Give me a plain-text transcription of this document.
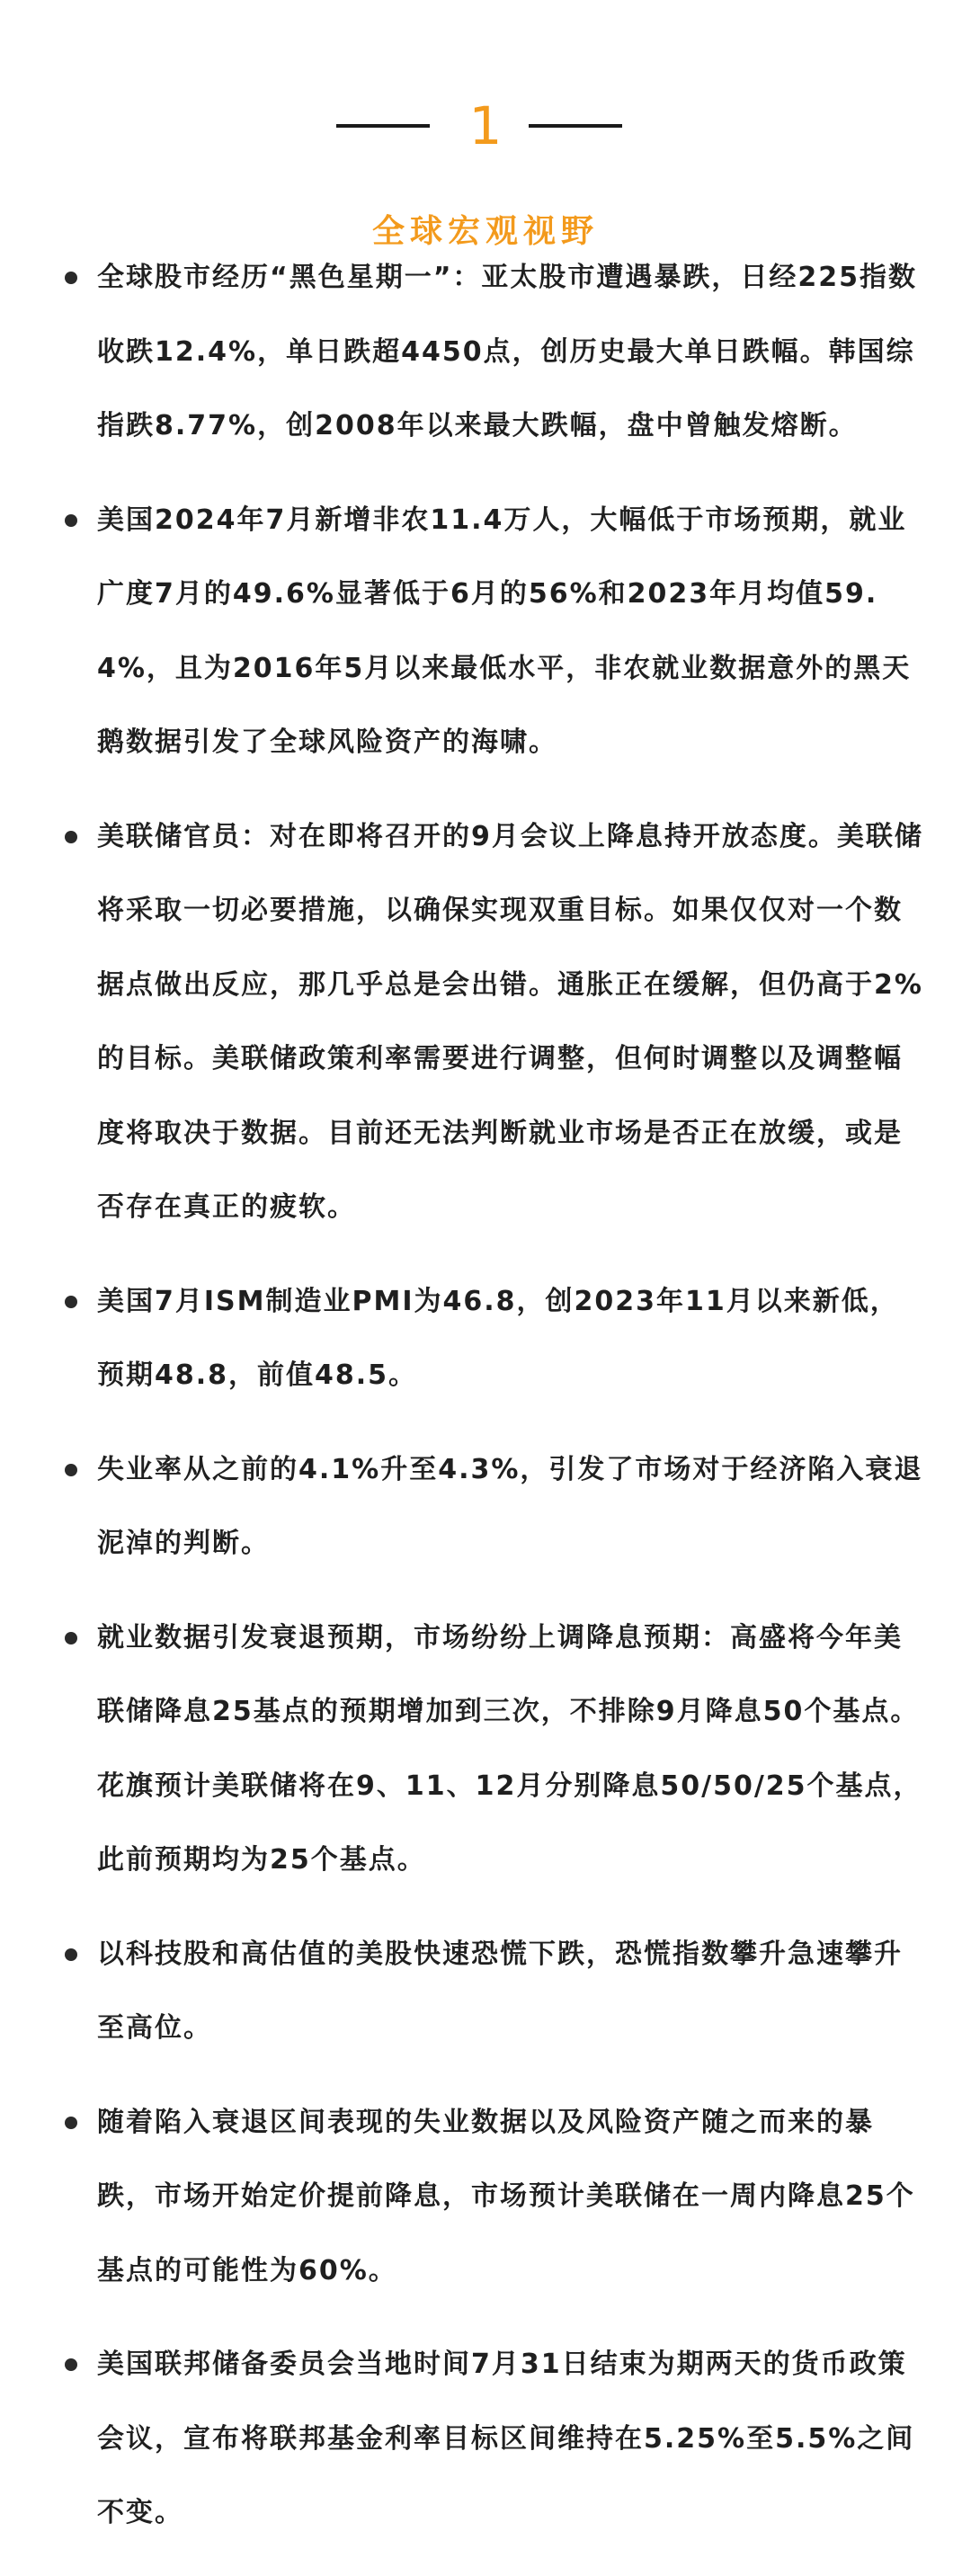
1
全球宏观视野
全球股市经历“黑色星期一”：亚太股市遭遇暴跌，日经225指数收跌12.4%，单日跌超4450点，创历史最大单日跌幅。韩国综指跌8.77%，创2008年以来最大跌幅，盘中曾触发熔断。
美国2024年7月新增非农11.4万人，大幅低于市场预期，就业广度7月的49.6%显著低于6月的56%和2023年月均值59.4%，且为2016年5月以来最低水平，非农就业数据意外的黑天鹅数据引发了全球风险资产的海啸。
美联储官员：对在即将召开的9月会议上降息持开放态度。美联储将采取一切必要措施，以确保实现双重目标。如果仅仅对一个数据点做出反应，那几乎总是会出错。通胀正在缓解，但仍高于2%的目标。美联储政策利率需要进行调整，但何时调整以及调整幅度将取决于数据。目前还无法判断就业市场是否正在放缓，或是否存在真正的疲软。
美国7月ISM制造业PMI为46.8，创2023年11月以来新低，预期48.8，前值48.5。
失业率从之前的4.1%升至4.3%，引发了市场对于经济陷入衰退泥淖的判断。
就业数据引发衰退预期，市场纷纷上调降息预期：高盛将今年美联储降息25基点的预期增加到三次，不排除9月降息50个基点。花旗预计美联储将在9、11、12月分别降息50/50/25个基点，此前预期均为25个基点。
以科技股和高估值的美股快速恐慌下跌，恐慌指数攀升急速攀升至高位。
随着陷入衰退区间表现的失业数据以及风险资产随之而来的暴跌，市场开始定价提前降息，市场预计美联储在一周内降息25个基点的可能性为60%。
美国联邦储备委员会当地时间7月31日结束为期两天的货币政策会议，宣布将联邦基金利率目标区间维持在5.25%至5.5%之间不变。
